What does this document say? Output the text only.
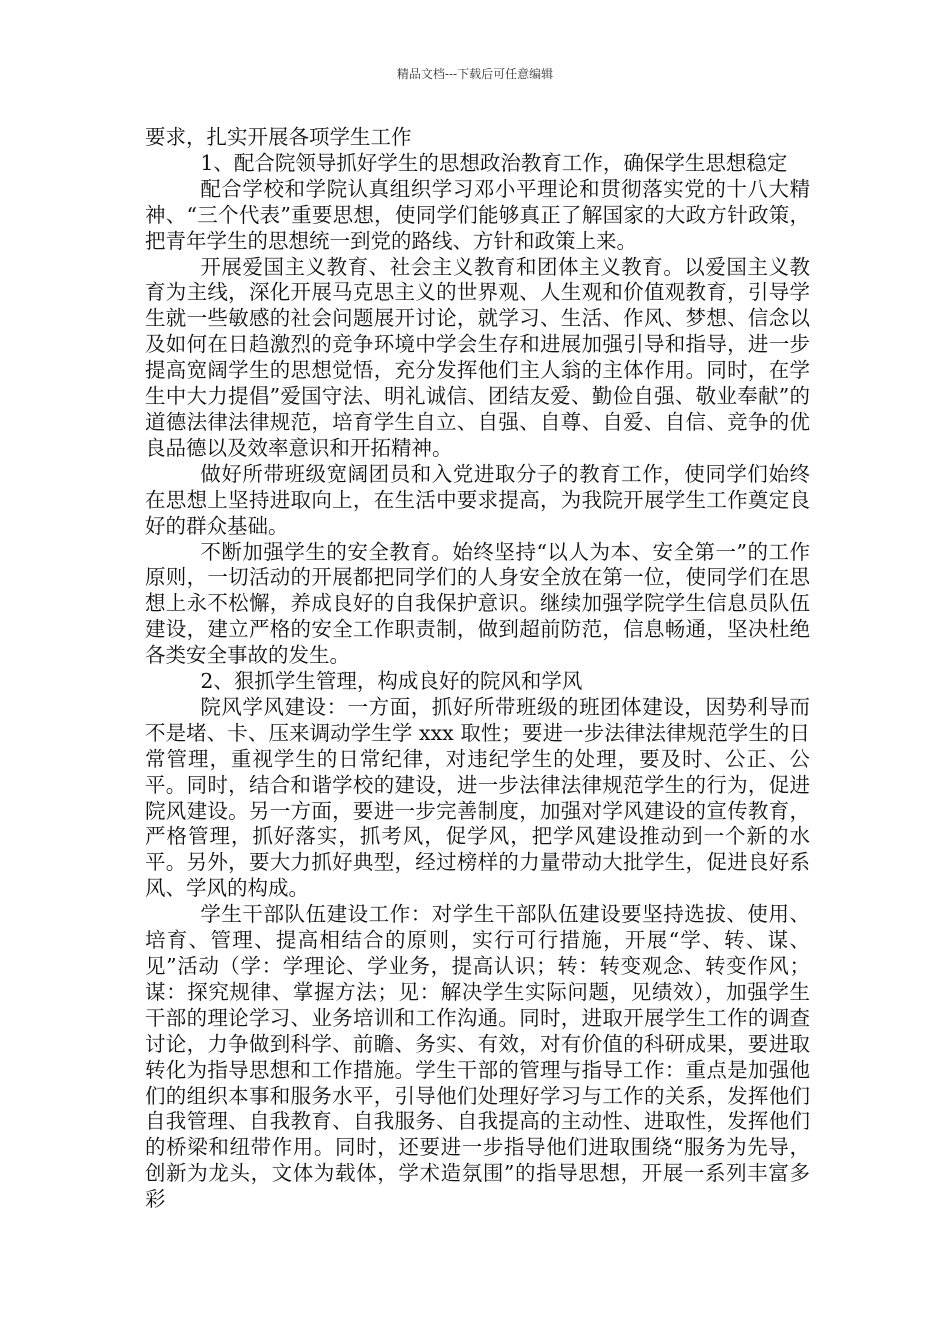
精品文档---下载后可任意编辑

要求，扎实开展各项学生工作

1、配合院领导抓好学生的思想政治教育工作，确保学生思想稳定

配合学校和学院认真组织学习邓小平理论和贯彻落实党的十八大精神、“三个代表”重要思想，使同学们能够真正了解国家的大政方针政策，把青年学生的思想统一到党的路线、方针和政策上来。

开展爱国主义教育、社会主义教育和团体主义教育。以爱国主义教育为主线，深化开展马克思主义的世界观、人生观和价值观教育，引导学生就一些敏感的社会问题展开讨论，就学习、生活、作风、梦想、信念以及如何在日趋激烈的竞争环境中学会生存和进展加强引导和指导，进一步提高宽阔学生的思想觉悟，充分发挥他们主人翁的主体作用。同时，在学生中大力提倡”爱国守法、明礼诚信、团结友爱、勤俭自强、敬业奉献”的道德法律法律规范，培育学生自立、自强、自尊、自爱、自信、竞争的优良品德以及效率意识和开拓精神。

做好所带班级宽阔团员和入党进取分子的教育工作，使同学们始终在思想上坚持进取向上，在生活中要求提高，为我院开展学生工作奠定良好的群众基础。

不断加强学生的安全教育。始终坚持“以人为本、安全第一”的工作原则，一切活动的开展都把同学们的人身安全放在第一位，使同学们在思想上永不松懈，养成良好的自我保护意识。继续加强学院学生信息员队伍建设，建立严格的安全工作职责制，做到超前防范，信息畅通，坚决杜绝各类安全事故的发生。

2、狠抓学生管理，构成良好的院风和学风

院风学风建设：一方面，抓好所带班级的班团体建设，因势利导而不是堵、卡、压来调动学生学 xxx 取性；要进一步法律法律规范学生的日常管理，重视学生的日常纪律，对违纪学生的处理，要及时、公正、公平。同时，结合和谐学校的建设，进一步法律法律规范学生的行为，促进院风建设。另一方面，要进一步完善制度，加强对学风建设的宣传教育，严格管理，抓好落实，抓考风，促学风，把学风建设推动到一个新的水平。另外，要大力抓好典型，经过榜样的力量带动大批学生，促进良好系风、学风的构成。

学生干部队伍建设工作：对学生干部队伍建设要坚持选拔、使用、培育、管理、提高相结合的原则，实行可行措施，开展“学、转、谋、见”活动（学：学理论、学业务，提高认识；转：转变观念、转变作风；谋：探究规律、掌握方法；见：解决学生实际问题，见绩效），加强学生干部的理论学习、业务培训和工作沟通。同时，进取开展学生工作的调查讨论，力争做到科学、前瞻、务实、有效，对有价值的科研成果，要进取转化为指导思想和工作措施。学生干部的管理与指导工作：重点是加强他们的组织本事和服务水平，引导他们处理好学习与工作的关系，发挥他们自我管理、自我教育、自我服务、自我提高的主动性、进取性，发挥他们的桥梁和纽带作用。同时，还要进一步指导他们进取围绕“服务为先导，创新为龙头，文体为载体，学术造氛围”的指导思想，开展一系列丰富多彩
